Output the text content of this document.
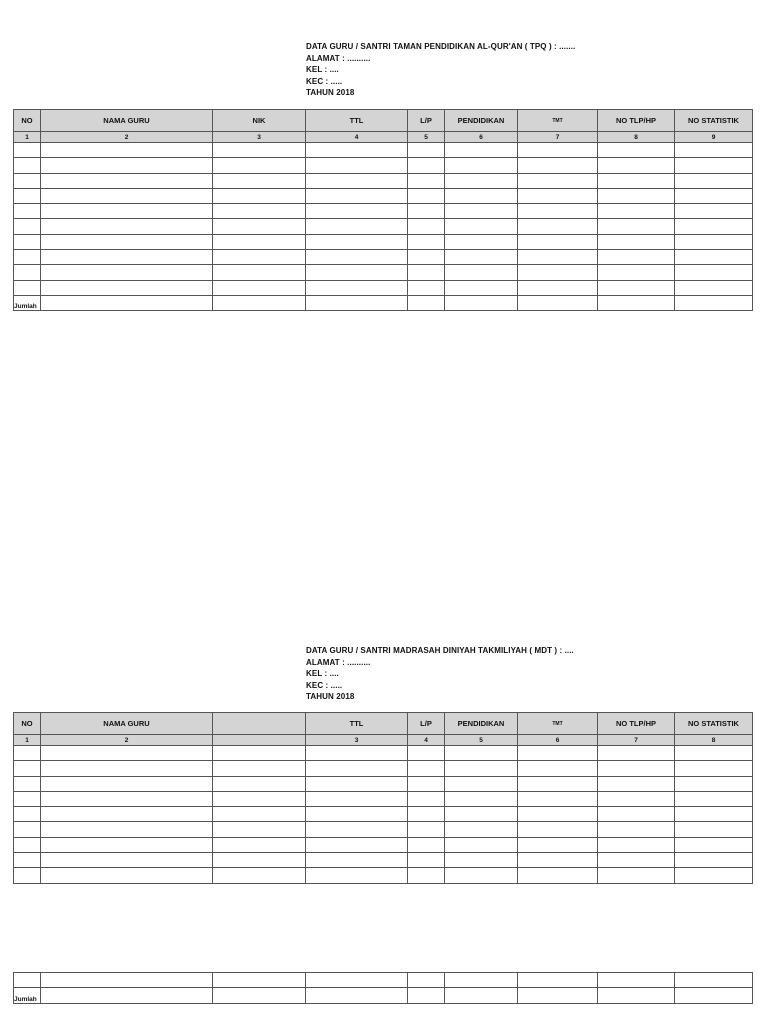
DATA GURU / SANTRI TAMAN PENDIDIKAN AL-QUR'AN ( TPQ ) : .......
ALAMAT : ..........
KEL : ....
KEC : .....
TAHUN 2018
NO	NAMA GURU	NIK	TTL	L/P	PENDIDIKAN	TMT	NO TLP/HP	NO STATISTIK
1	2	3	4	5	6	7	8	9

Jumlah								
DATA GURU / SANTRI MADRASAH DINIYAH TAKMILIYAH ( MDT ) : ....
ALAMAT : ..........
KEL : ....
KEC : .....
TAHUN 2018
NO	NAMA GURU		TTL	L/P	PENDIDIKAN	TMT	NO TLP/HP	NO STATISTIK
1	2		3	4	5	6	7	8

Jumlah								
